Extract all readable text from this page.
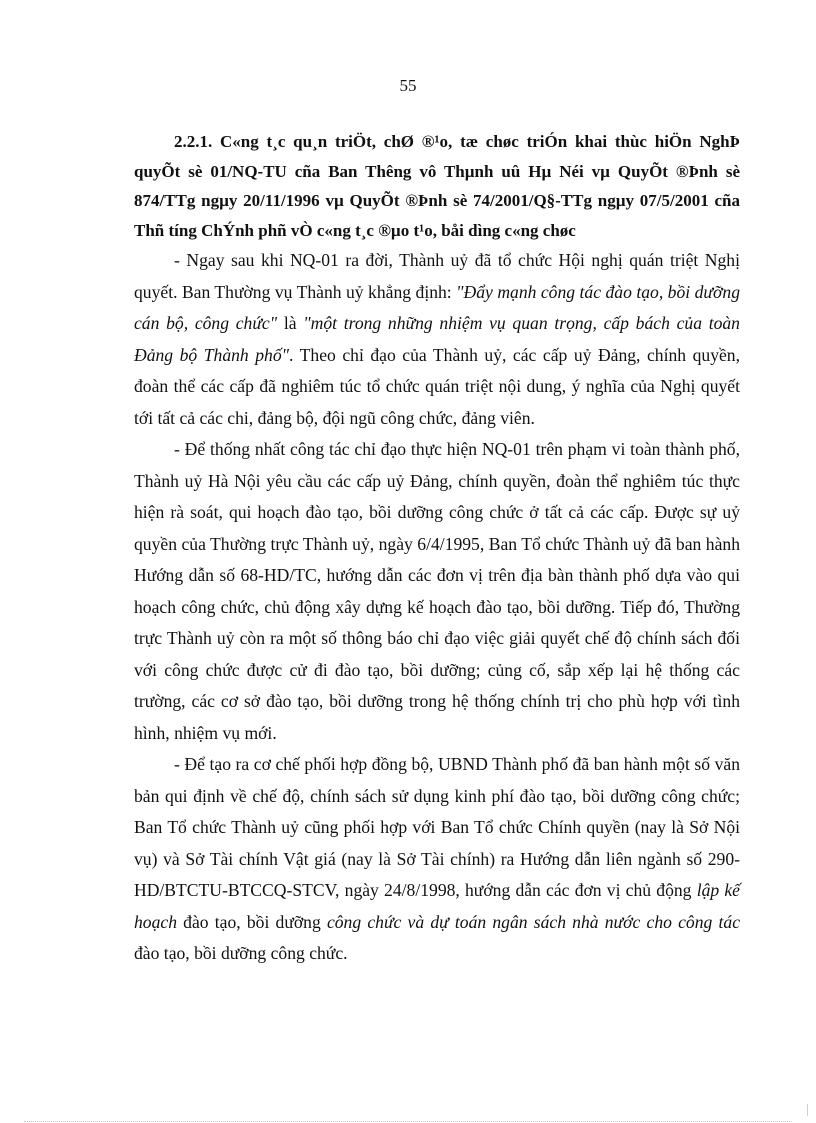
55

2.2.1. C«ng t¸c qu¸n triÖt, chØ ®¹o, tæ chøc triÓn khai thùc hiÖn NghÞ quyÕt sè 01/NQ-TU cña Ban Thêng vô Thµnh uû Hµ Néi vµ QuyÕt ®Þnh sè 874/TTg ngµy 20/11/1996 vµ QuyÕt ®Þnh sè 74/2001/Q§-TTg ngµy 07/5/2001 cña Thñ tíng ChÝnh phñ vÒ c«ng t¸c ®µo t¹o, båi dìng c«ng chøc

- Ngay sau khi NQ-01 ra đời, Thành uỷ đã tổ chức Hội nghị quán triệt Nghị quyết. Ban Thường vụ Thành uỷ khẳng định: "Đẩy mạnh công tác đào tạo, bồi dưỡng cán bộ, công chức" là "một trong những nhiệm vụ quan trọng, cấp bách của toàn Đảng bộ Thành phố". Theo chỉ đạo của Thành uỷ, các cấp uỷ Đảng, chính quyền, đoàn thể các cấp đã nghiêm túc tổ chức quán triệt nội dung, ý nghĩa của Nghị quyết tới tất cả các chi, đảng bộ, đội ngũ công chức, đảng viên.

- Để thống nhất công tác chỉ đạo thực hiện NQ-01 trên phạm vi toàn thành phố, Thành uỷ Hà Nội yêu cầu các cấp uỷ Đảng, chính quyền, đoàn thể nghiêm túc thực hiện rà soát, qui hoạch đào tạo, bồi dưỡng công chức ở tất cả các cấp. Được sự uỷ quyền của Thường trực Thành uỷ, ngày 6/4/1995, Ban Tổ chức Thành uỷ đã ban hành Hướng dẫn số 68-HD/TC, hướng dẫn các đơn vị trên địa bàn thành phố dựa vào qui hoạch công chức, chủ động xây dựng kế hoạch đào tạo, bồi dưỡng. Tiếp đó, Thường trực Thành uỷ còn ra một số thông báo chỉ đạo việc giải quyết chế độ chính sách đối với công chức được cử đi đào tạo, bồi dưỡng; củng cố, sắp xếp lại hệ thống các trường, các cơ sở đào tạo, bồi dưỡng trong hệ thống chính trị cho phù hợp với tình hình, nhiệm vụ mới.

- Để tạo ra cơ chế phối hợp đồng bộ, UBND Thành phố đã ban hành một số văn bản qui định về chế độ, chính sách sử dụng kinh phí đào tạo, bồi dưỡng công chức; Ban Tổ chức Thành uỷ cũng phối hợp với Ban Tổ chức Chính quyền (nay là Sở Nội vụ) và Sở Tài chính Vật giá (nay là Sở Tài chính) ra Hướng dẫn liên ngành số 290-HD/BTCTU-BTCCQ-STCV, ngày 24/8/1998, hướng dẫn các đơn vị chủ động lập kế hoạch đào tạo, bồi dưỡng công chức và dự toán ngân sách nhà nước cho công tác đào tạo, bồi dưỡng công chức.
